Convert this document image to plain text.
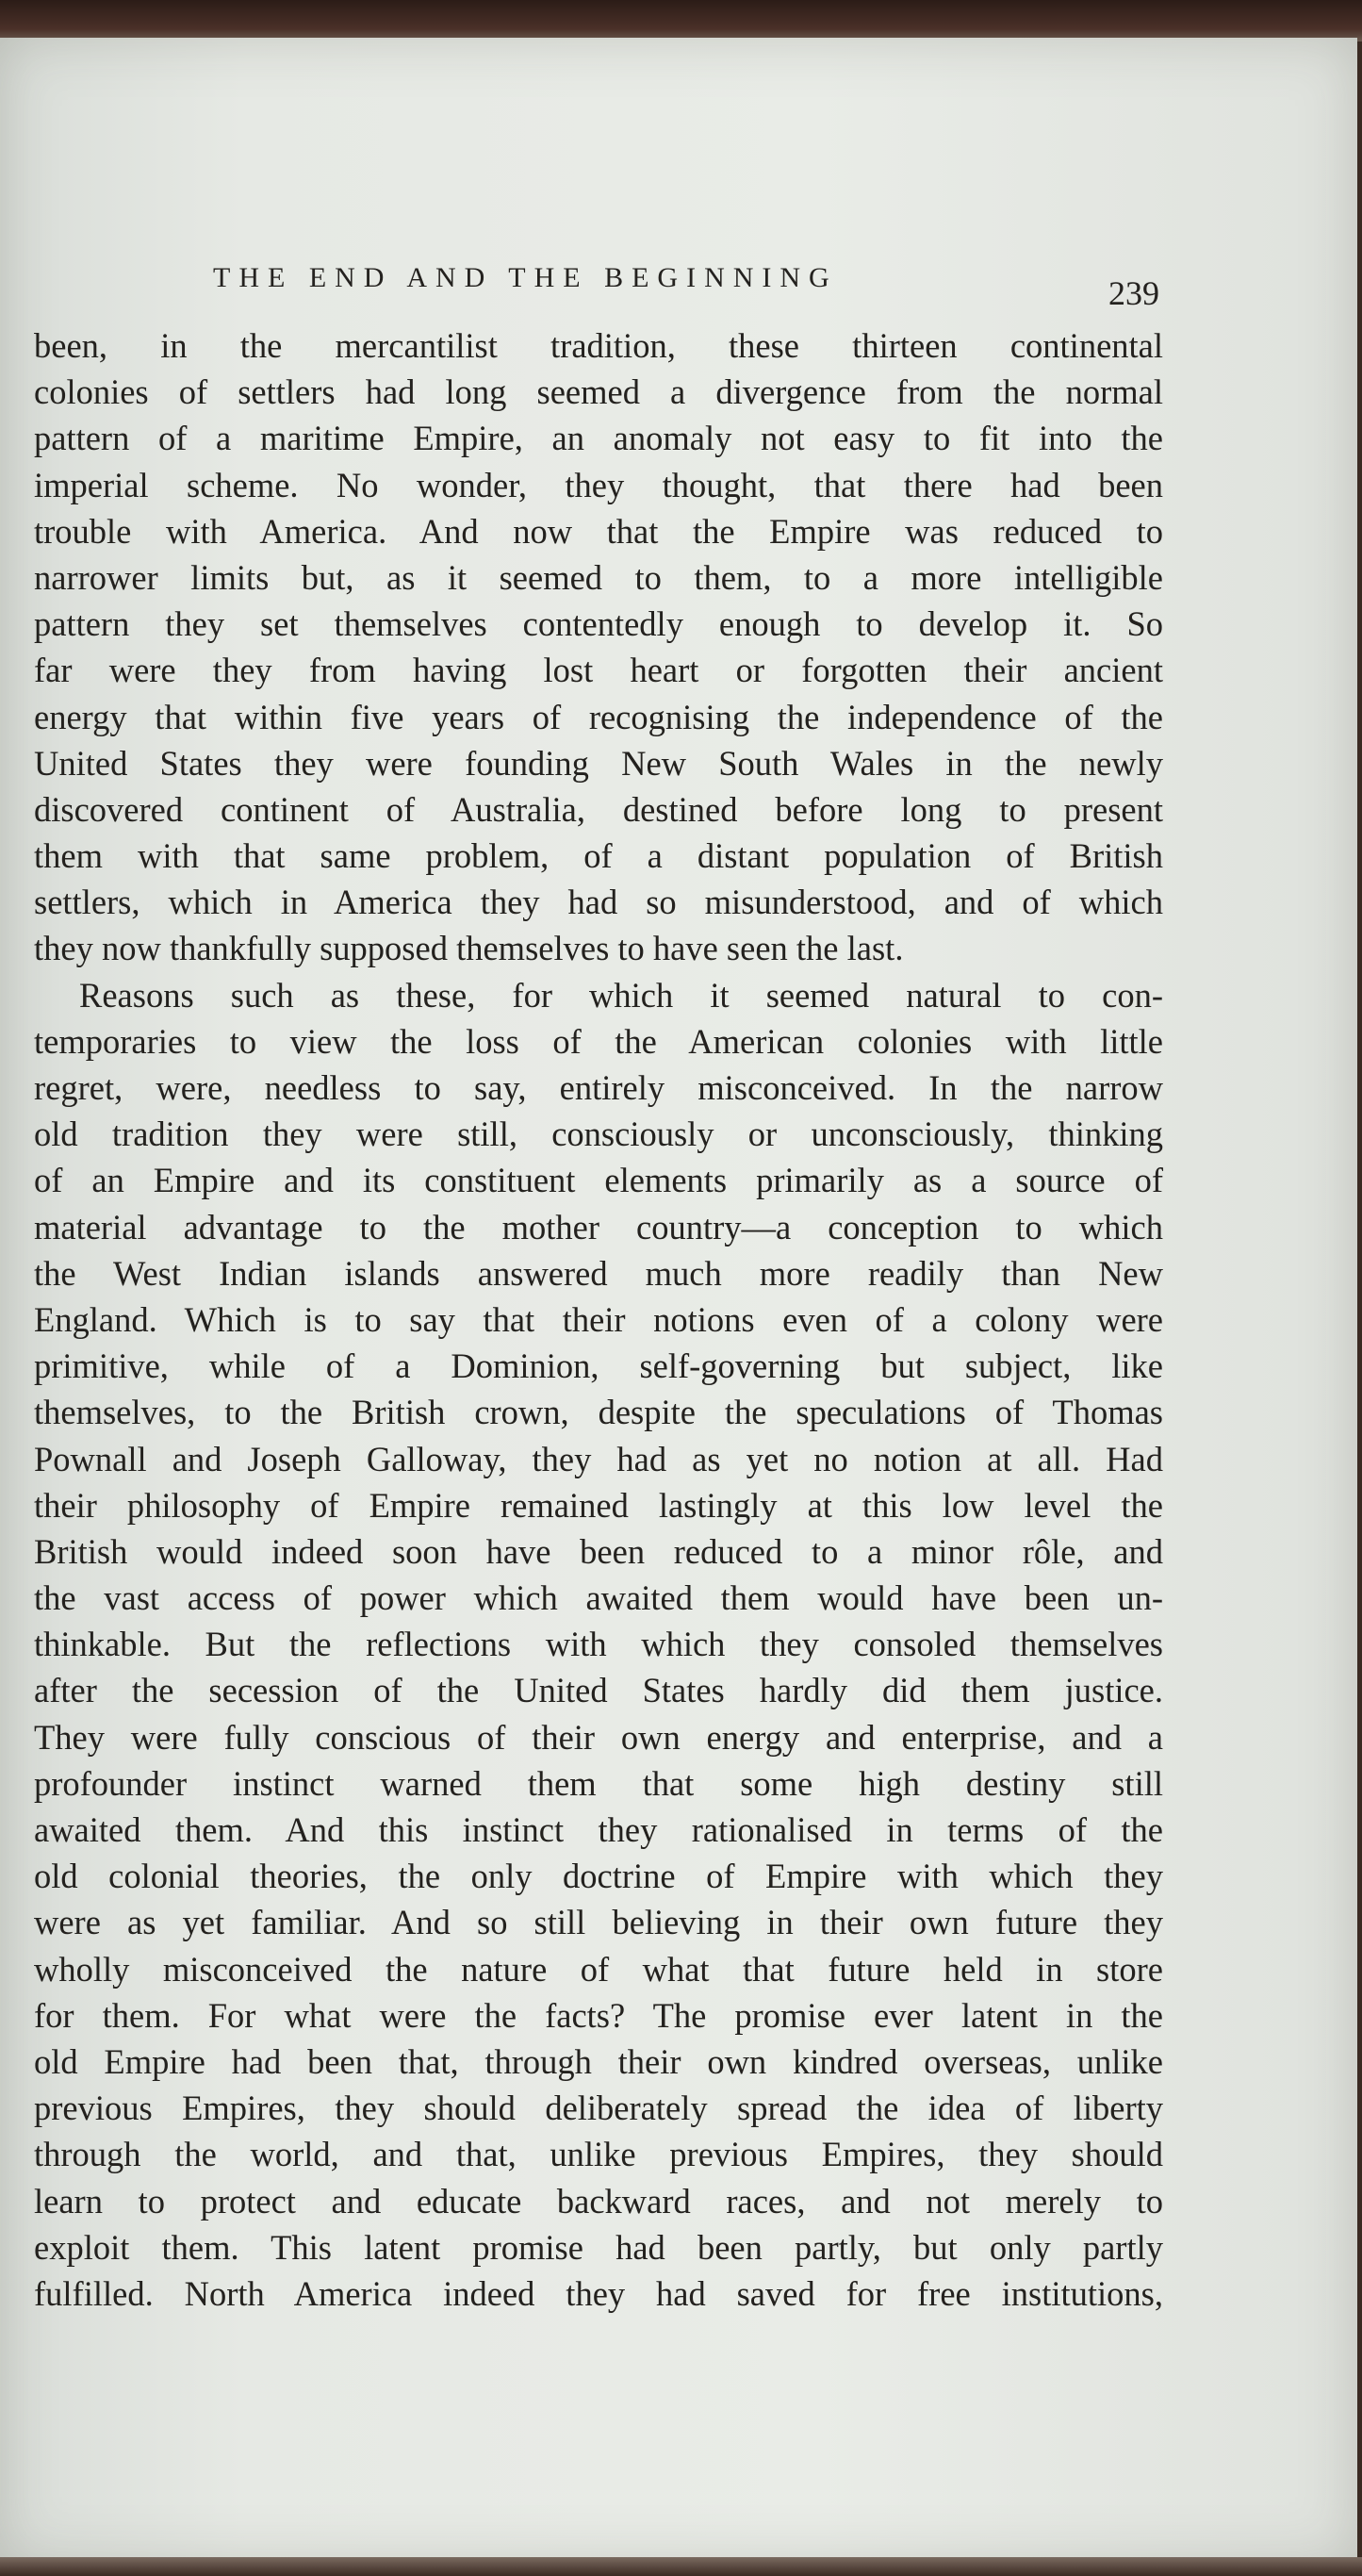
THE END AND THE BEGINNING	239
been, in the mercantilist tradition, these thirteen continental
colonies of settlers had long seemed a divergence from the normal
pattern of a maritime Empire, an anomaly not easy to fit into the
imperial scheme. No wonder, they thought, that there had been
trouble with America. And now that the Empire was reduced to
narrower limits but, as it seemed to them, to a more intelligible
pattern they set themselves contentedly enough to develop it. So
far were they from having lost heart or forgotten their ancient
energy that within five years of recognising the independence of the
United States they were founding New South Wales in the newly
discovered continent of Australia, destined before long to present
them with that same problem, of a distant population of British
settlers, which in America they had so misunderstood, and of which
they now thankfully supposed themselves to have seen the last.
Reasons such as these, for which it seemed natural to con-
temporaries to view the loss of the American colonies with little
regret, were, needless to say, entirely misconceived. In the narrow
old tradition they were still, consciously or unconsciously, thinking
of an Empire and its constituent elements primarily as a source of
material advantage to the mother country—a conception to which
the West Indian islands answered much more readily than New
England. Which is to say that their notions even of a colony were
primitive, while of a Dominion, self-governing but subject, like
themselves, to the British crown, despite the speculations of Thomas
Pownall and Joseph Galloway, they had as yet no notion at all. Had
their philosophy of Empire remained lastingly at this low level the
British would indeed soon have been reduced to a minor rôle, and
the vast access of power which awaited them would have been un-
thinkable. But the reflections with which they consoled themselves
after the secession of the United States hardly did them justice.
They were fully conscious of their own energy and enterprise, and a
profounder instinct warned them that some high destiny still
awaited them. And this instinct they rationalised in terms of the
old colonial theories, the only doctrine of Empire with which they
were as yet familiar. And so still believing in their own future they
wholly misconceived the nature of what that future held in store
for them. For what were the facts? The promise ever latent in the
old Empire had been that, through their own kindred overseas, unlike
previous Empires, they should deliberately spread the idea of liberty
through the world, and that, unlike previous Empires, they should
learn to protect and educate backward races, and not merely to
exploit them. This latent promise had been partly, but only partly
fulfilled. North America indeed they had saved for free institutions,
